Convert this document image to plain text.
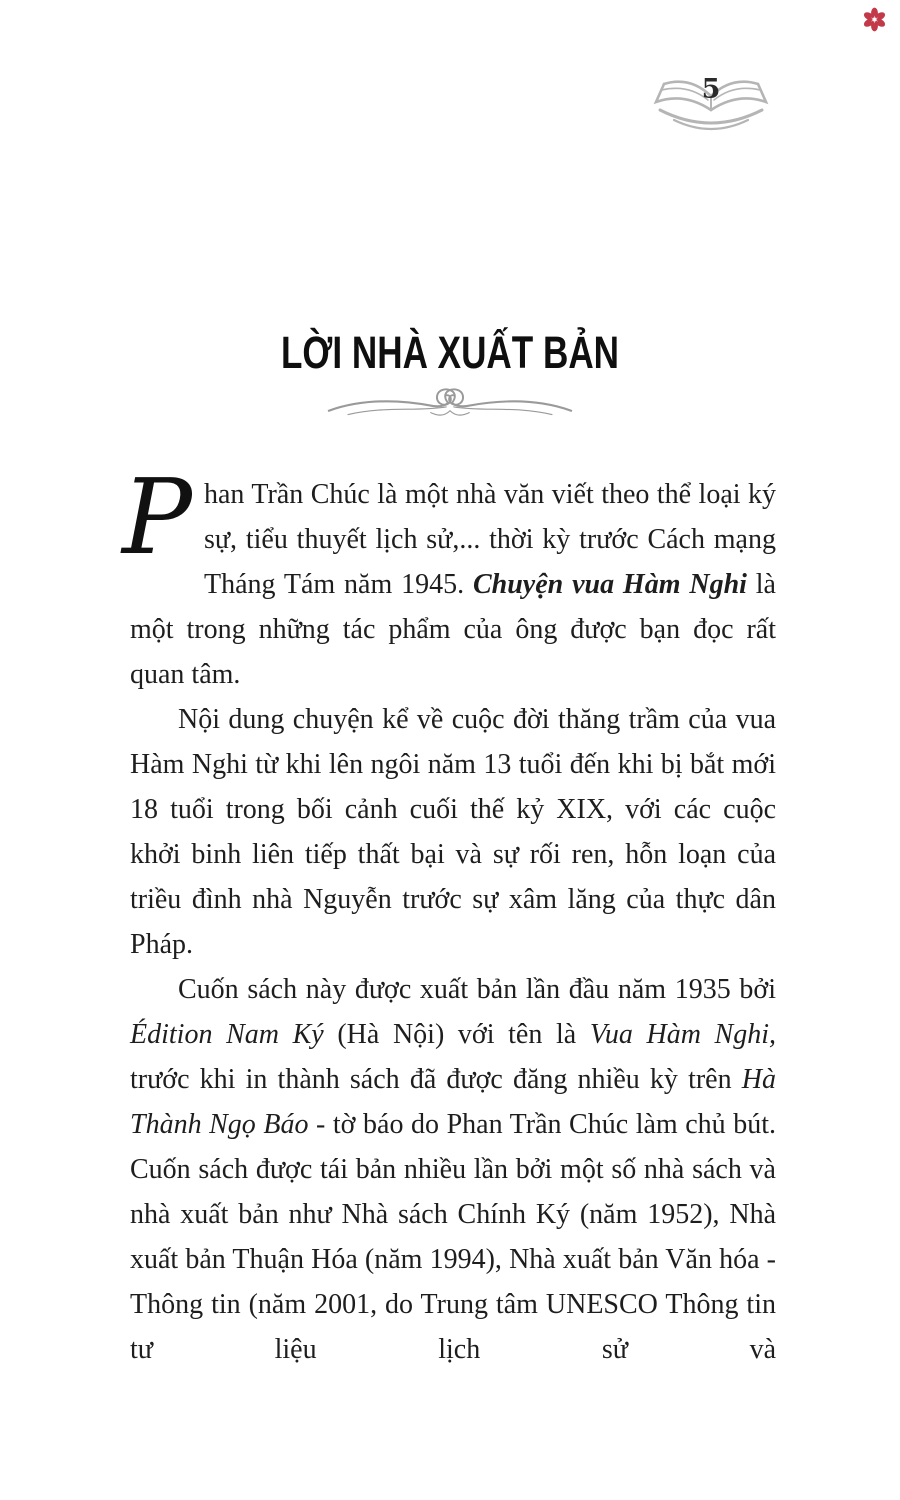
5
LỜI NHÀ XUẤT BẢN

Phan Trần Chúc là một nhà văn viết theo thể loại ký sự, tiểu thuyết lịch sử,... thời kỳ trước Cách mạng Tháng Tám năm 1945. Chuyện vua Hàm Nghi là một trong những tác phẩm của ông được bạn đọc rất quan tâm.

Nội dung chuyện kể về cuộc đời thăng trầm của vua Hàm Nghi từ khi lên ngôi năm 13 tuổi đến khi bị bắt mới 18 tuổi trong bối cảnh cuối thế kỷ XIX, với các cuộc khởi binh liên tiếp thất bại và sự rối ren, hỗn loạn của triều đình nhà Nguyễn trước sự xâm lăng của thực dân Pháp.

Cuốn sách này được xuất bản lần đầu năm 1935 bởi Édition Nam Ký (Hà Nội) với tên là Vua Hàm Nghi, trước khi in thành sách đã được đăng nhiều kỳ trên Hà Thành Ngọ Báo - tờ báo do Phan Trần Chúc làm chủ bút. Cuốn sách được tái bản nhiều lần bởi một số nhà sách và nhà xuất bản như Nhà sách Chính Ký (năm 1952), Nhà xuất bản Thuận Hóa (năm 1994), Nhà xuất bản Văn hóa - Thông tin (năm 2001, do Trung tâm UNESCO Thông tin tư liệu lịch sử và
